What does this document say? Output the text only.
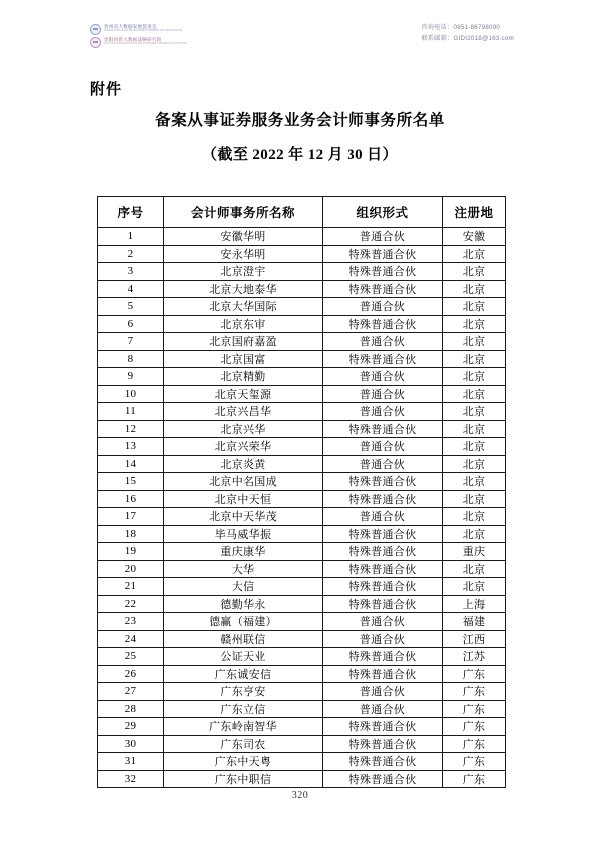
贵州省大数据发展促进会
GUIZHOU BIG DATA DEVELOPMENT PROMOTION ASSOCIATION
贵阳创新大数据战略研究院
GUIYANG INNOVATION BIG DATA STRATEGY RESEARCH INSTITUTE
咨询电话：0851-86798090
联系邮箱：GIDI2018@163.com
附件
备案从事证券服务业务会计师事务所名单
（截至 2022 年 12 月 30 日）
序号	会计师事务所名称	组织形式	注册地
1	安徽华明	普通合伙	安徽
2	安永华明	特殊普通合伙	北京
3	北京澄宇	特殊普通合伙	北京
4	北京大地泰华	特殊普通合伙	北京
5	北京大华国际	普通合伙	北京
6	北京东审	特殊普通合伙	北京
7	北京国府嘉盈	普通合伙	北京
8	北京国富	特殊普通合伙	北京
9	北京精勤	普通合伙	北京
10	北京天玺源	普通合伙	北京
11	北京兴昌华	普通合伙	北京
12	北京兴华	特殊普通合伙	北京
13	北京兴荣华	普通合伙	北京
14	北京炎黄	普通合伙	北京
15	北京中名国成	特殊普通合伙	北京
16	北京中天恒	特殊普通合伙	北京
17	北京中天华茂	普通合伙	北京
18	毕马威华振	特殊普通合伙	北京
19	重庆康华	特殊普通合伙	重庆
20	大华	特殊普通合伙	北京
21	大信	特殊普通合伙	北京
22	德勤华永	特殊普通合伙	上海
23	德赢（福建）	普通合伙	福建
24	赣州联信	普通合伙	江西
25	公证天业	特殊普通合伙	江苏
26	广东诚安信	特殊普通合伙	广东
27	广东亨安	普通合伙	广东
28	广东立信	普通合伙	广东
29	广东岭南智华	特殊普通合伙	广东
30	广东司农	特殊普通合伙	广东
31	广东中天粤	特殊普通合伙	广东
32	广东中职信	特殊普通合伙	广东
320
